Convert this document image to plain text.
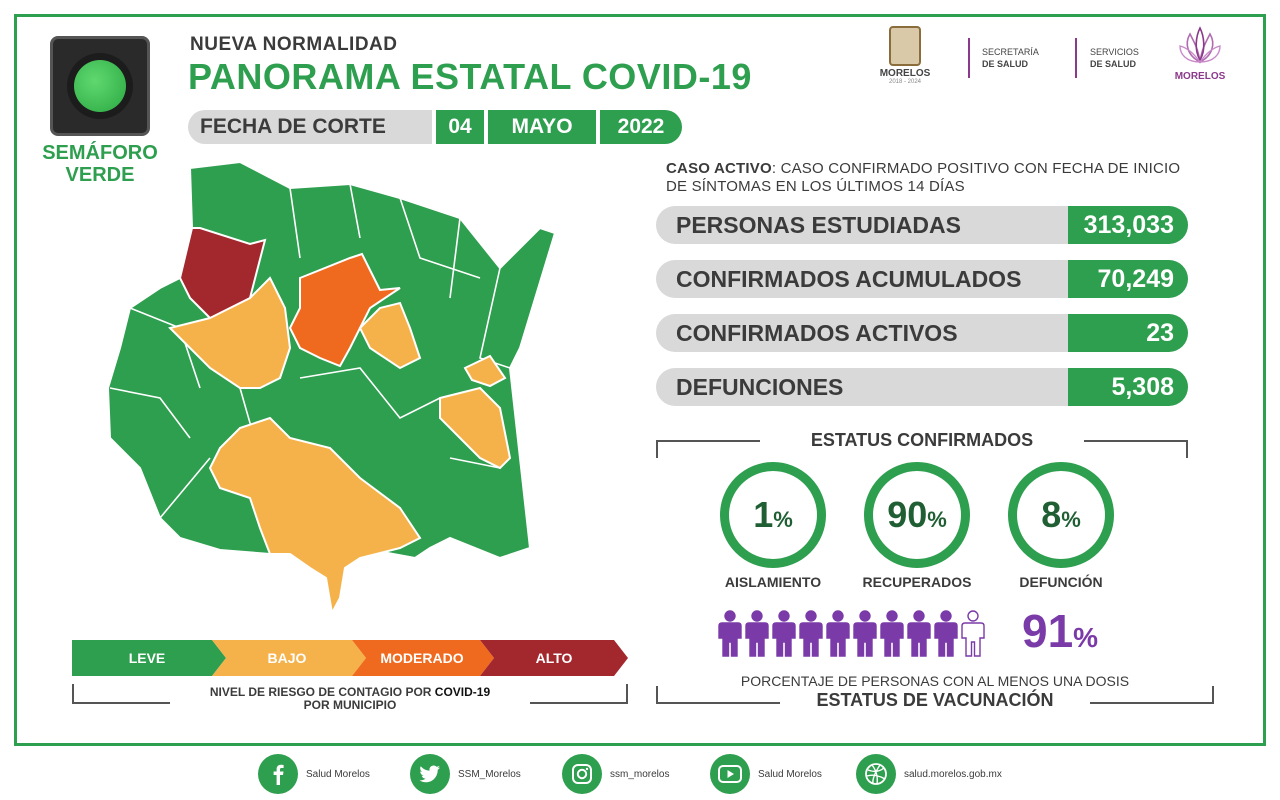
SEMÁFORO
VERDE
NUEVA NORMALIDAD
PANORAMA ESTATAL COVID-19
FECHA DE CORTE	04	MAYO	2022
MORELOS
2018 - 2024
SECRETARÍA
DE SALUD
SERVICIOS
DE SALUD
MORELOS
LEVE	BAJO	MODERADO	ALTO
NIVEL DE RIESGO DE CONTAGIO POR COVID-19
POR MUNICIPIO
CASO ACTIVO: CASO CONFIRMADO POSITIVO CON FECHA DE INICIO DE SÍNTOMAS EN LOS ÚLTIMOS 14 DÍAS
PERSONAS ESTUDIADAS	313,033
CONFIRMADOS ACUMULADOS	70,249
CONFIRMADOS ACTIVOS	23
DEFUNCIONES	5,308
ESTATUS CONFIRMADOS
1%
AISLAMIENTO
90%
RECUPERADOS
8%
DEFUNCIÓN
91%
PORCENTAJE DE PERSONAS CON AL MENOS UNA DOSIS
ESTATUS DE VACUNACIÓN
Salud Morelos	SSM_Morelos	ssm_morelos	Salud Morelos	salud.morelos.gob.mx
